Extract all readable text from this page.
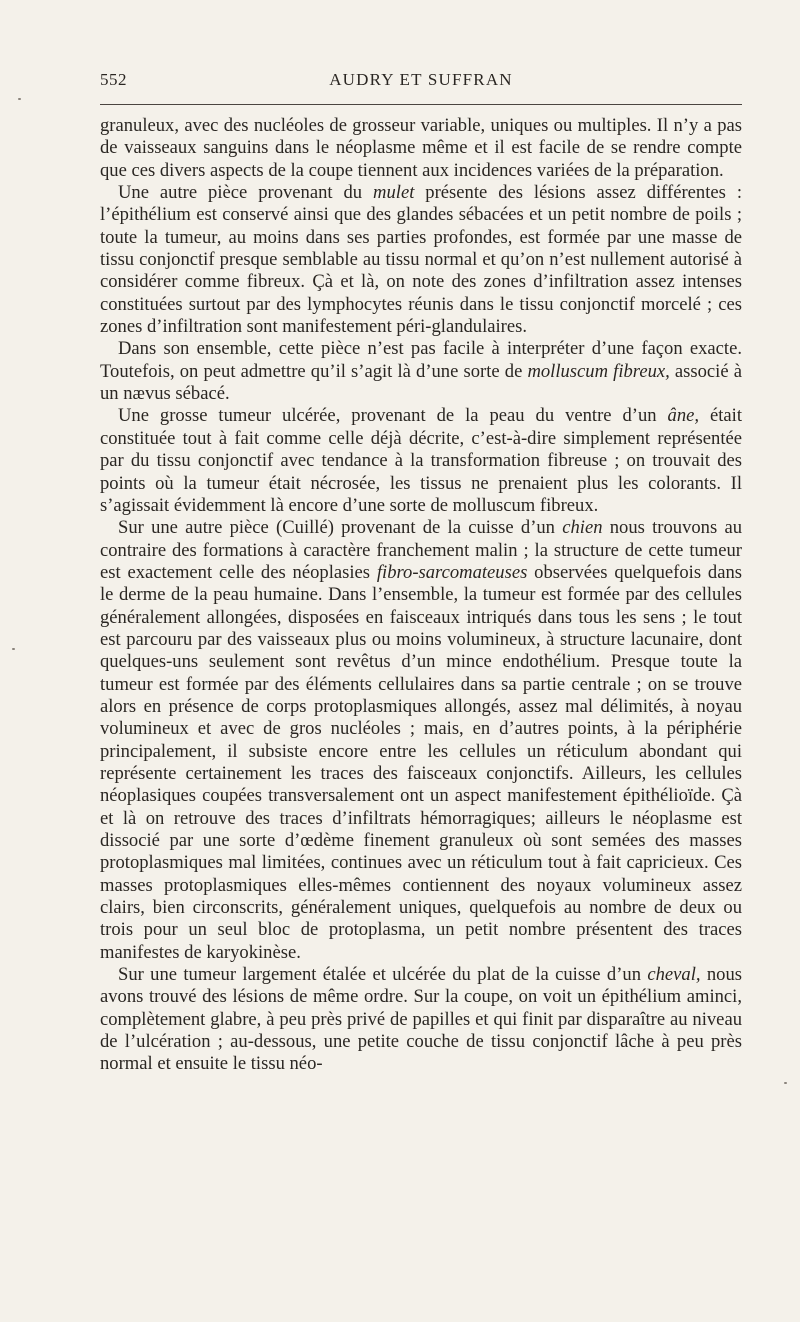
552	AUDRY ET SUFFRAN

granuleux, avec des nucléoles de grosseur variable, uniques ou multiples. Il n’y a pas de vaisseaux sanguins dans le néoplasme même et il est facile de se rendre compte que ces divers aspects de la coupe tiennent aux incidences variées de la préparation.

Une autre pièce provenant du mulet présente des lésions assez différentes : l’épithélium est conservé ainsi que des glandes sébacées et un petit nombre de poils ; toute la tumeur, au moins dans ses parties profondes, est formée par une masse de tissu conjonctif presque semblable au tissu normal et qu’on n’est nullement autorisé à considérer comme fibreux. Çà et là, on note des zones d’infiltration assez intenses constituées surtout par des lymphocytes réunis dans le tissu conjonctif morcelé ; ces zones d’infiltration sont manifestement péri-glandulaires.

Dans son ensemble, cette pièce n’est pas facile à interpréter d’une façon exacte. Toutefois, on peut admettre qu’il s’agit là d’une sorte de molluscum fibreux, associé à un nævus sébacé.

Une grosse tumeur ulcérée, provenant de la peau du ventre d’un âne, était constituée tout à fait comme celle déjà décrite, c’est-à-dire simplement représentée par du tissu conjonctif avec tendance à la transformation fibreuse ; on trouvait des points où la tumeur était nécrosée, les tissus ne prenaient plus les colorants. Il s’agissait évidemment là encore d’une sorte de molluscum fibreux.

Sur une autre pièce (Cuillé) provenant de la cuisse d’un chien nous trouvons au contraire des formations à caractère franchement malin ; la structure de cette tumeur est exactement celle des néoplasies fibro-sarcomateuses observées quelquefois dans le derme de la peau humaine. Dans l’ensemble, la tumeur est formée par des cellules généralement allongées, disposées en faisceaux intriqués dans tous les sens ; le tout est parcouru par des vaisseaux plus ou moins volumineux, à structure lacunaire, dont quelques-uns seulement sont revêtus d’un mince endothélium. Presque toute la tumeur est formée par des éléments cellulaires dans sa partie centrale ; on se trouve alors en présence de corps protoplasmiques allongés, assez mal délimités, à noyau volumineux et avec de gros nucléoles ; mais, en d’autres points, à la périphérie principalement, il subsiste encore entre les cellules un réticulum abondant qui représente certainement les traces des faisceaux conjonctifs. Ailleurs, les cellules néoplasiques coupées transversalement ont un aspect manifestement épithélioïde. Çà et là on retrouve des traces d’infiltrats hémorragiques; ailleurs le néoplasme est dissocié par une sorte d’œdème finement granuleux où sont semées des masses protoplasmiques mal limitées, continues avec un réticulum tout à fait capricieux. Ces masses protoplasmiques elles-mêmes contiennent des noyaux volumineux assez clairs, bien circonscrits, généralement uniques, quelquefois au nombre de deux ou trois pour un seul bloc de protoplasma, un petit nombre présentent des traces manifestes de karyokinèse.

Sur une tumeur largement étalée et ulcérée du plat de la cuisse d’un cheval, nous avons trouvé des lésions de même ordre. Sur la coupe, on voit un épithélium aminci, complètement glabre, à peu près privé de papilles et qui finit par disparaître au niveau de l’ulcération ; au-dessous, une petite couche de tissu conjonctif lâche à peu près normal et ensuite le tissu néo-
